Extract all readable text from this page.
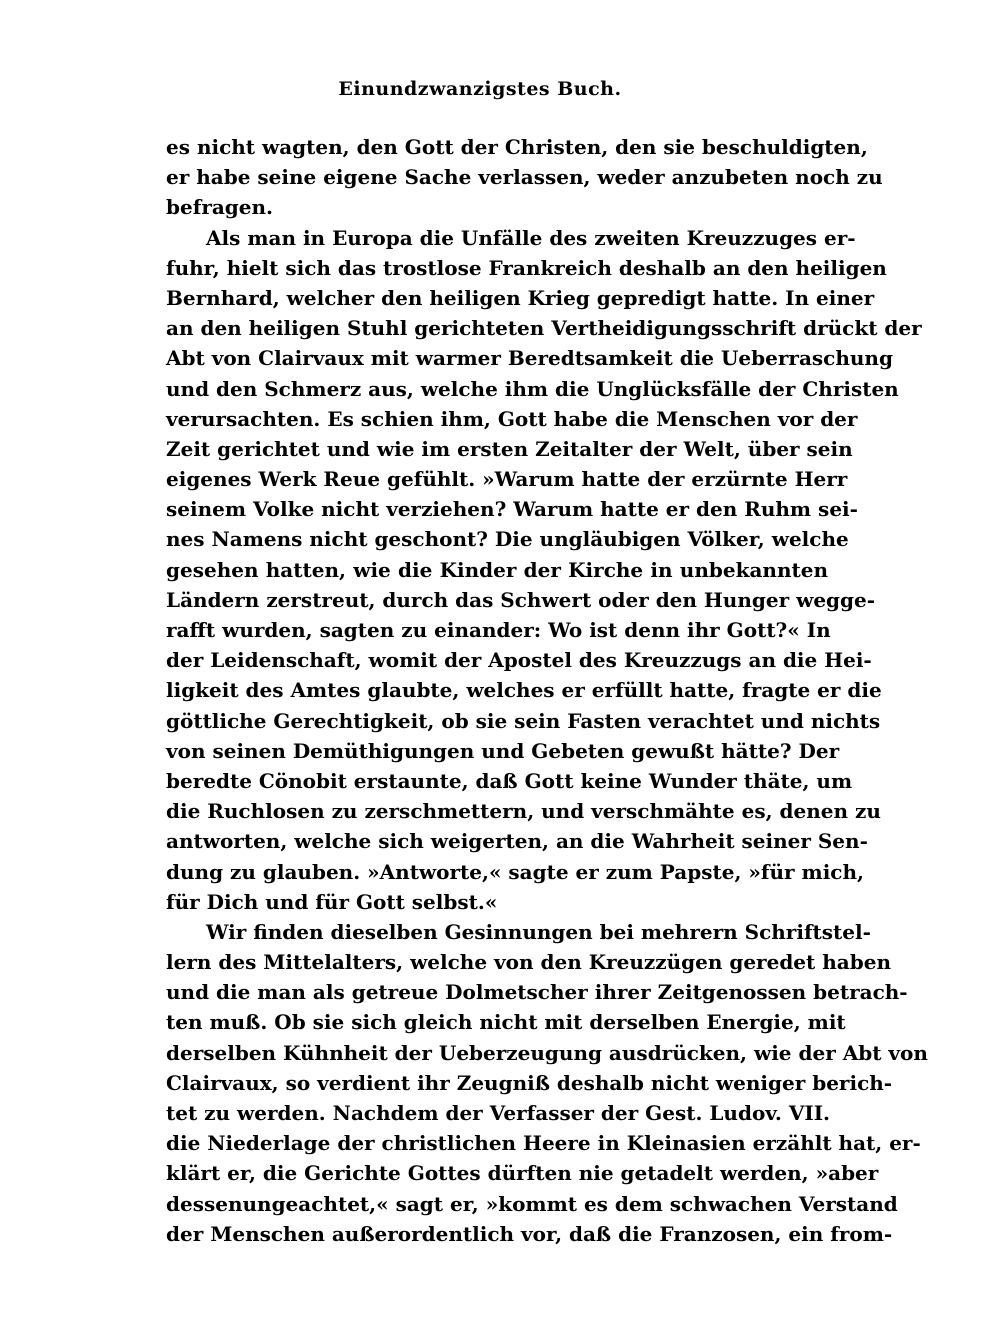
Einundzwanzigstes Buch.
es nicht wagten, den Gott der Christen, den sie beschuldigten,
er habe seine eigene Sache verlassen, weder anzubeten noch zu
befragen.
Als man in Europa die Unfälle des zweiten Kreuzzuges er-
fuhr, hielt sich das trostlose Frankreich deshalb an den heiligen
Bernhard, welcher den heiligen Krieg gepredigt hatte. In einer
an den heiligen Stuhl gerichteten Vertheidigungsschrift drückt der
Abt von Clairvaux mit warmer Beredtsamkeit die Ueberraschung
und den Schmerz aus, welche ihm die Unglücksfälle der Christen
verursachten. Es schien ihm, Gott habe die Menschen vor der
Zeit gerichtet und wie im ersten Zeitalter der Welt, über sein
eigenes Werk Reue gefühlt. »Warum hatte der erzürnte Herr
seinem Volke nicht verziehen? Warum hatte er den Ruhm sei-
nes Namens nicht geschont? Die ungläubigen Völker, welche
gesehen hatten, wie die Kinder der Kirche in unbekannten
Ländern zerstreut, durch das Schwert oder den Hunger wegge-
rafft wurden, sagten zu einander: Wo ist denn ihr Gott?« In
der Leidenschaft, womit der Apostel des Kreuzzugs an die Hei-
ligkeit des Amtes glaubte, welches er erfüllt hatte, fragte er die
göttliche Gerechtigkeit, ob sie sein Fasten verachtet und nichts
von seinen Demüthigungen und Gebeten gewußt hätte? Der
beredte Cönobit erstaunte, daß Gott keine Wunder thäte, um
die Ruchlosen zu zerschmettern, und verschmähte es, denen zu
antworten, welche sich weigerten, an die Wahrheit seiner Sen-
dung zu glauben. »Antworte,« sagte er zum Papste, »für mich,
für Dich und für Gott selbst.«
Wir finden dieselben Gesinnungen bei mehrern Schriftstel-
lern des Mittelalters, welche von den Kreuzzügen geredet haben
und die man als getreue Dolmetscher ihrer Zeitgenossen betrach-
ten muß. Ob sie sich gleich nicht mit derselben Energie, mit
derselben Kühnheit der Ueberzeugung ausdrücken, wie der Abt von
Clairvaux, so verdient ihr Zeugniß deshalb nicht weniger berich-
tet zu werden. Nachdem der Verfasser der Gest. Ludov. VII.
die Niederlage der christlichen Heere in Kleinasien erzählt hat, er-
klärt er, die Gerichte Gottes dürften nie getadelt werden, »aber
dessenungeachtet,« sagt er, »kommt es dem schwachen Verstand
der Menschen außerordentlich vor, daß die Franzosen, ein from-
